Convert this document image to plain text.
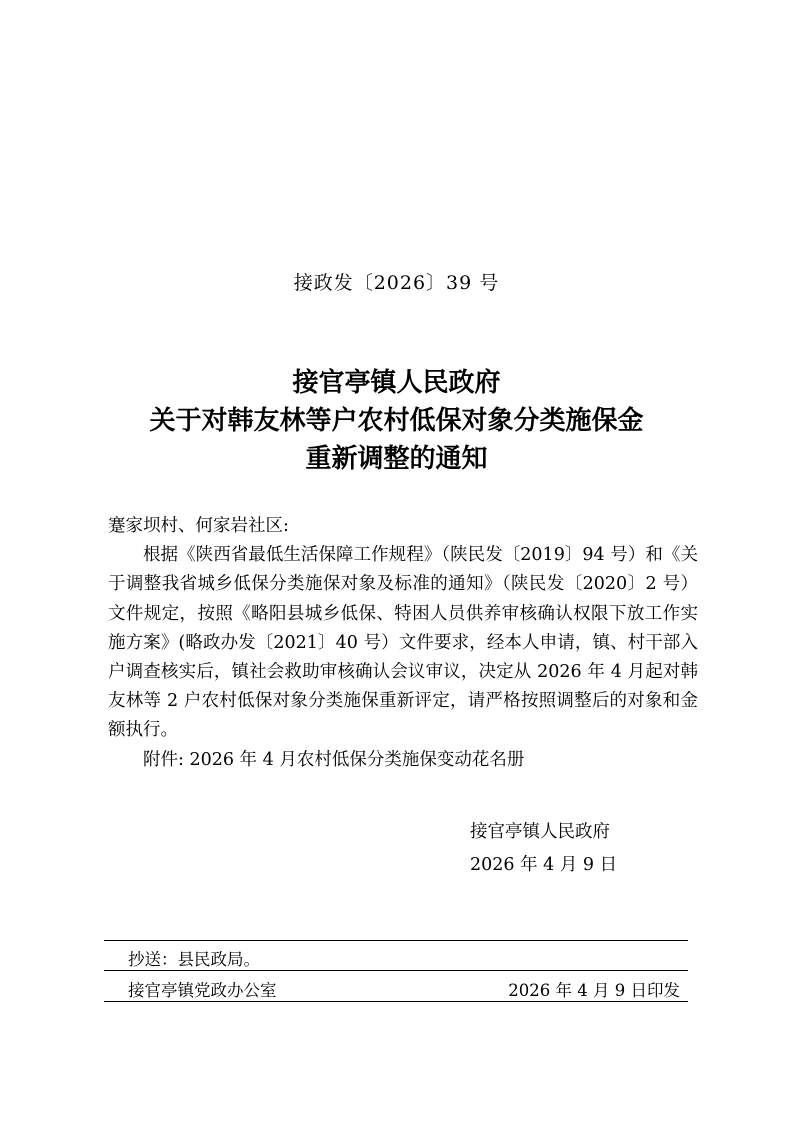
接政发〔2026〕39 号
接官亭镇人民政府
关于对韩友林等户农村低保对象分类施保金
重新调整的通知

蹇家坝村、何家岩社区:

根据《陕西省最低生活保障工作规程》（陕民发〔2019〕94 号）和《关于调整我省城乡低保分类施保对象及标准的通知》（陕民发〔2020〕2 号）文件规定，按照《略阳县城乡低保、特困人员供养审核确认权限下放工作实施方案》(略政办发〔2021〕40 号）文件要求，经本人申请，镇、村干部入户调查核实后，镇社会救助审核确认会议审议，决定从 2026 年 4 月起对韩友林等 2 户农村低保对象分类施保重新评定，请严格按照调整后的对象和金额执行。

附件: 2026 年 4 月农村低保分类施保变动花名册

接官亭镇人民政府
2026 年 4 月 9 日
抄送：县民政局。
接官亭镇党政办公室	2026 年 4 月 9 日印发
